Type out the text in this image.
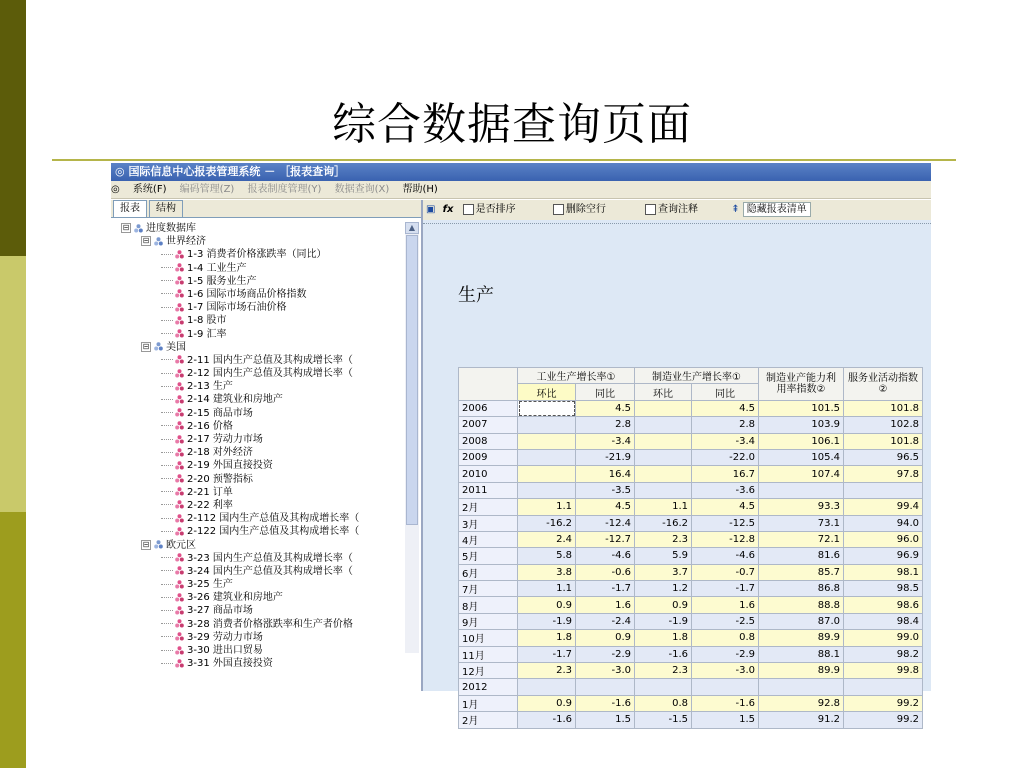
综合数据查询页面
◎ 国际信息中心报表管理系统 － ［报表查询］
◎ 系统(F) 编码管理(Z) 报表制度管理(Y) 数据查询(X) 帮助(H)
报表 结构
⊟ 进度数据库
⊟ 世界经济
1-3 消费者价格涨跌率（同比）
1-4 工业生产
1-5 服务业生产
1-6 国际市场商品价格指数
1-7 国际市场石油价格
1-8 股市
1-9 汇率
⊟ 美国
2-11 国内生产总值及其构成增长率（
2-12 国内生产总值及其构成增长率（
2-13 生产
2-14 建筑业和房地产
2-15 商品市场
2-16 价格
2-17 劳动力市场
2-18 对外经济
2-19 外国直接投资
2-20 预警指标
2-21 订单
2-22 利率
2-112 国内生产总值及其构成增长率（
2-122 国内生产总值及其构成增长率（
⊟ 欧元区
3-23 国内生产总值及其构成增长率（
3-24 国内生产总值及其构成增长率（
3-25 生产
3-26 建筑业和房地产
3-27 商品市场
3-28 消费者价格涨跌率和生产者价格
3-29 劳动力市场
3-30 进出口贸易
3-31 外国直接投资
▲
▣ fx 是否排序	删除空行	查询注释	⇞ 隐藏报表清单
生产
	工业生产增长率①		制造业生产增长率①		制造业产能力利用率指数②	服务业活动指数②
	环比	同比	环比	同比		
2006		4.5		4.5	101.5	101.8
2007		2.8		2.8	103.9	102.8
2008		-3.4		-3.4	106.1	101.8
2009		-21.9		-22.0	105.4	96.5
2010		16.4		16.7	107.4	97.8
2011		-3.5		-3.6		
2月	1.1	4.5	1.1	4.5	93.3	99.4
3月	-16.2	-12.4	-16.2	-12.5	73.1	94.0
4月	2.4	-12.7	2.3	-12.8	72.1	96.0
5月	5.8	-4.6	5.9	-4.6	81.6	96.9
6月	3.8	-0.6	3.7	-0.7	85.7	98.1
7月	1.1	-1.7	1.2	-1.7	86.8	98.5
8月	0.9	1.6	0.9	1.6	88.8	98.6
9月	-1.9	-2.4	-1.9	-2.5	87.0	98.4
10月	1.8	0.9	1.8	0.8	89.9	99.0
11月	-1.7	-2.9	-1.6	-2.9	88.1	98.2
12月	2.3	-3.0	2.3	-3.0	89.9	99.8
2012						
1月	0.9	-1.6	0.8	-1.6	92.8	99.2
2月	-1.6	1.5	-1.5	1.5	91.2	99.2
